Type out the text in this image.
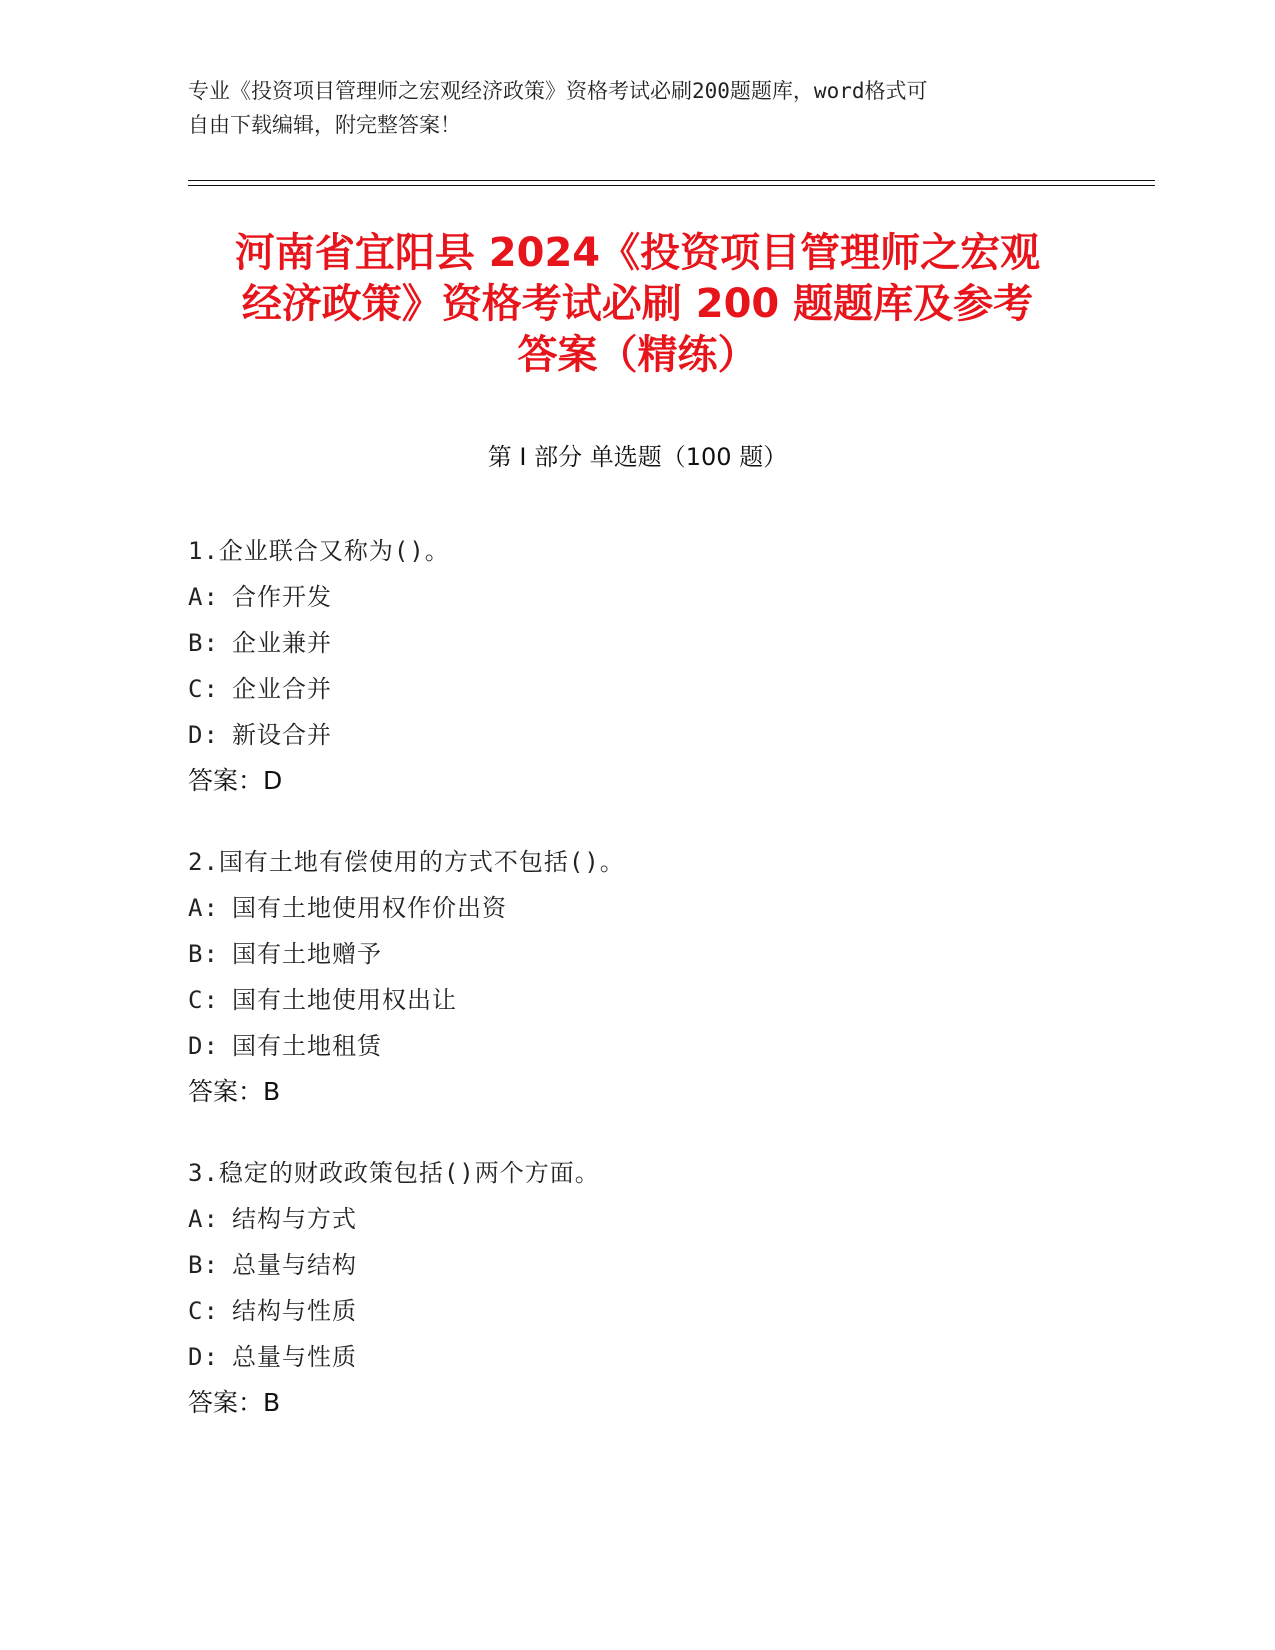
专业《投资项目管理师之宏观经济政策》资格考试必刷200题题库，word格式可
自由下载编辑，附完整答案！
河南省宜阳县 2024《投资项目管理师之宏观
经济政策》资格考试必刷 200 题题库及参考
答案（精练）
第 I 部分 单选题（100 题）
1.企业联合又称为()。
A: 合作开发
B: 企业兼并
C: 企业合并
D: 新设合并
答案：D
2.国有土地有偿使用的方式不包括()。
A: 国有土地使用权作价出资
B: 国有土地赠予
C: 国有土地使用权出让
D: 国有土地租赁
答案：B
3.稳定的财政政策包括()两个方面。
A: 结构与方式
B: 总量与结构
C: 结构与性质
D: 总量与性质
答案：B
